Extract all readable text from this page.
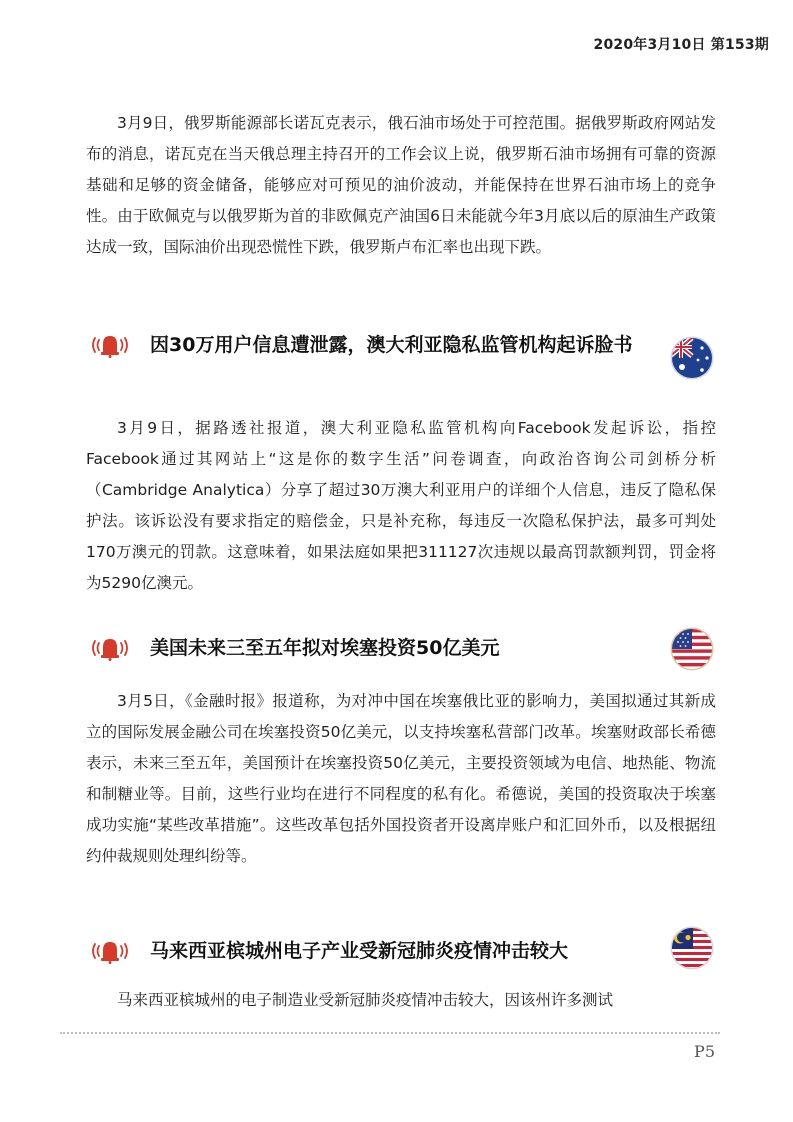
2020年3月10日 第153期

3月9日，俄罗斯能源部长诺瓦克表示，俄石油市场处于可控范围。据俄罗斯政府网站发布的消息，诺瓦克在当天俄总理主持召开的工作会议上说，俄罗斯石油市场拥有可靠的资源基础和足够的资金储备，能够应对可预见的油价波动，并能保持在世界石油市场上的竞争性。由于欧佩克与以俄罗斯为首的非欧佩克产油国6日未能就今年3月底以后的原油生产政策达成一致，国际油价出现恐慌性下跌，俄罗斯卢布汇率也出现下跌。

因30万用户信息遭泄露，澳大利亚隐私监管机构起诉脸书

3月9日，据路透社报道，澳大利亚隐私监管机构向Facebook发起诉讼，指控Facebook通过其网站上“这是你的数字生活”问卷调查，向政治咨询公司剑桥分析（Cambridge Analytica）分享了超过30万澳大利亚用户的详细个人信息，违反了隐私保护法。该诉讼没有要求指定的赔偿金，只是补充称，每违反一次隐私保护法，最多可判处170万澳元的罚款。这意味着，如果法庭如果把311127次违规以最高罚款额判罚，罚金将为5290亿澳元。

美国未来三至五年拟对埃塞投资50亿美元

3月5日，《金融时报》报道称，为对冲中国在埃塞俄比亚的影响力，美国拟通过其新成立的国际发展金融公司在埃塞投资50亿美元，以支持埃塞私营部门改革。埃塞财政部长希德表示，未来三至五年，美国预计在埃塞投资50亿美元，主要投资领域为电信、地热能、物流和制糖业等。目前，这些行业均在进行不同程度的私有化。希德说，美国的投资取决于埃塞成功实施“某些改革措施”。这些改革包括外国投资者开设离岸账户和汇回外币，以及根据纽约仲裁规则处理纠纷等。

马来西亚槟城州电子产业受新冠肺炎疫情冲击较大

马来西亚槟城州的电子制造业受新冠肺炎疫情冲击较大，因该州许多测试

P5
